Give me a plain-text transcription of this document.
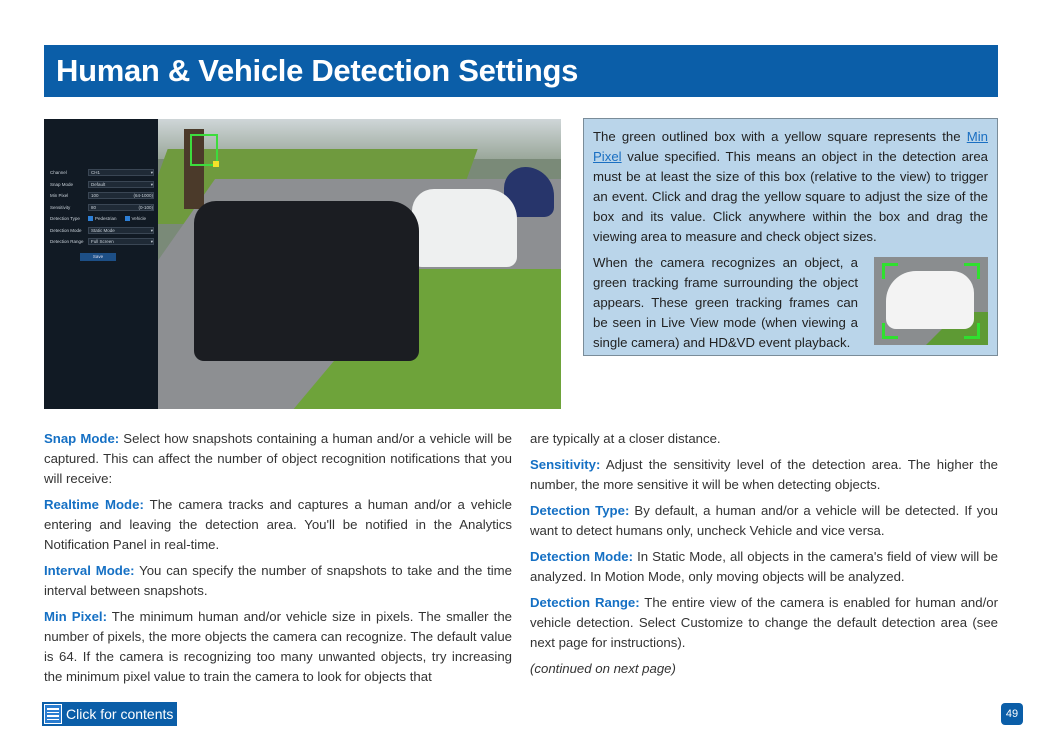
Human & Vehicle Detection Settings
Channel	CH1	▾
Snap Mode	Default	▾
Min Pixel	100	(64-1000)
Sensitivity	80	(0-100)
Detection Type	Pedestrian	Vehicle
Detection Mode	Static Mode	▾
Detection Range	Full Screen	▾
Save

The green outlined box with a yellow square represents the Min Pixel value specified. This means an object in the detection area must be at least the size of this box (relative to the view) to trigger an event. Click and drag the yellow square to adjust the size of the box and its value. Click anywhere within the box and drag the viewing area to measure and check object sizes.

When the camera recognizes an object, a green tracking frame surrounding the object appears. These green tracking frames can be seen in Live View mode (when viewing a single camera) and HD&VD event playback.

Snap Mode: Select how snapshots containing a human and/or a vehicle will be captured. This can affect the number of object recognition notifications that you will receive:

Realtime Mode: The camera tracks and captures a human and/or a vehicle entering and leaving the detection area. You'll be notified in the Analytics Notification Panel in real-time.

Interval Mode: You can specify the number of snapshots to take and the time interval between snapshots.

Min Pixel: The minimum human and/or vehicle size in pixels. The smaller the number of pixels, the more objects the camera can recognize. The default value is 64. If the camera is recognizing too many unwanted objects, try increasing the minimum pixel value to train the camera to look for objects that

are typically at a closer distance.

Sensitivity: Adjust the sensitivity level of the detection area. The higher the number, the more sensitive it will be when detecting objects.

Detection Type: By default, a human and/or a vehicle will be detected. If you want to detect humans only, uncheck Vehicle and vice versa.

Detection Mode: In Static Mode, all objects in the camera's field of view will be analyzed. In Motion Mode, only moving objects will be analyzed.

Detection Range: The entire view of the camera is enabled for human and/or vehicle detection. Select Customize to change the default detection area (see next page for instructions).

(continued on next page)

Click for contents	49
